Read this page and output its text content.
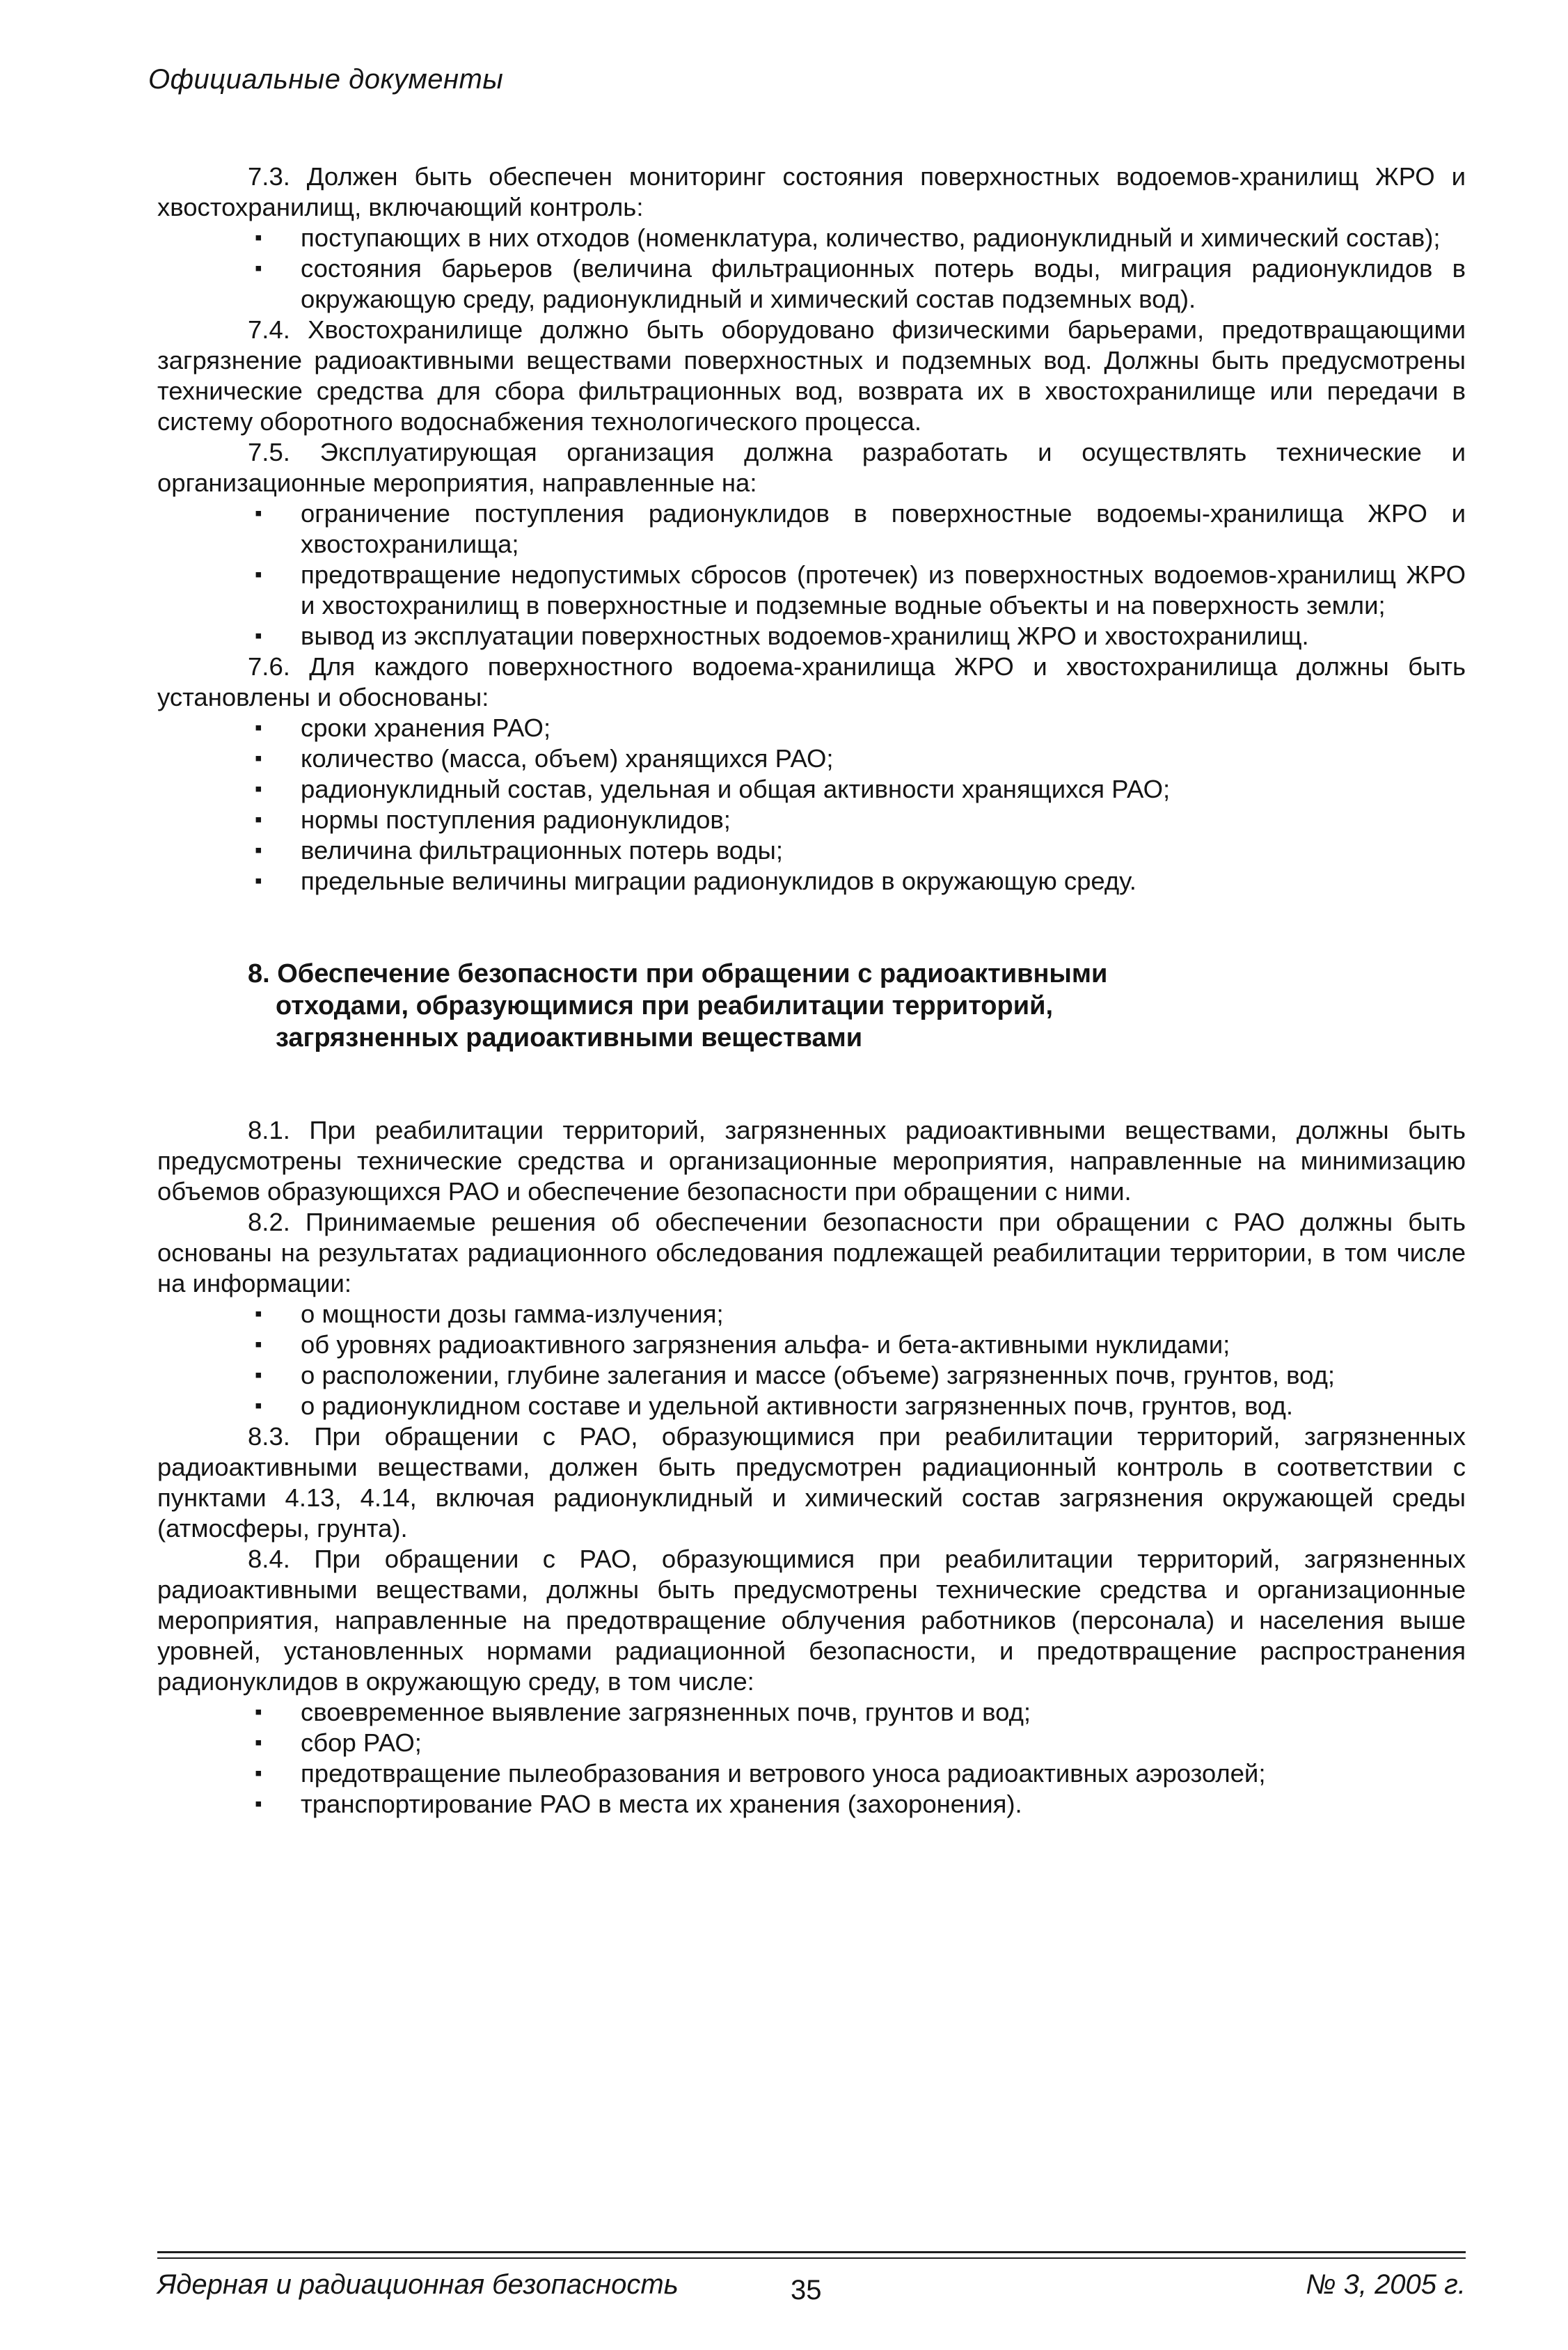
Официальные документы

7.3. Должен быть обеспечен мониторинг состояния поверхностных водоемов-хранилищ ЖРО и хвостохранилищ, включающий контроль:

▪	поступающих в них отходов (номенклатура, количество, радионуклидный и химический состав);
▪	состояния барьеров (величина фильтрационных потерь воды, миграция радионуклидов в окружающую среду, радионуклидный и химический состав подземных вод).

7.4. Хвостохранилище должно быть оборудовано физическими барьерами, предотвращающими загрязнение радиоактивными веществами поверхностных и подземных вод. Должны быть предусмотрены технические средства для сбора фильтрационных вод, возврата их в хвостохранилище или передачи в систему оборотного водоснабжения технологического процесса.

7.5. Эксплуатирующая организация должна разработать и осуществлять технические и организационные мероприятия, направленные на:

▪	ограничение поступления радионуклидов в поверхностные водоемы-хранилища ЖРО и хвостохранилища;
▪	предотвращение недопустимых сбросов (протечек) из поверхностных водоемов-хранилищ ЖРО и хвостохранилищ в поверхностные и подземные водные объекты и на поверхность земли;
▪	вывод из эксплуатации поверхностных водоемов-хранилищ ЖРО и хвостохранилищ.

7.6. Для каждого поверхностного водоема-хранилища ЖРО и хвостохранилища должны быть установлены и обоснованы:

▪	сроки хранения РАО;
▪	количество (масса, объем) хранящихся РАО;
▪	радионуклидный состав, удельная и общая активности хранящихся РАО;
▪	нормы поступления радионуклидов;
▪	величина фильтрационных потерь воды;
▪	предельные величины миграции радионуклидов в окружающую среду.
8. Обеспечение безопасности при обращении с радиоактивными
отходами, образующимися при реабилитации территорий,
загрязненных радиоактивными веществами

8.1. При реабилитации территорий, загрязненных радиоактивными веществами, должны быть предусмотрены технические средства и организационные мероприятия, направленные на минимизацию объемов образующихся РАО и обеспечение безопасности при обращении с ними.

8.2. Принимаемые решения об обеспечении безопасности при обращении с РАО должны быть основаны на результатах радиационного обследования подлежащей реабилитации территории, в том числе на информации:

▪	о мощности дозы гамма-излучения;
▪	об уровнях радиоактивного загрязнения альфа- и бета-активными нуклидами;
▪	о расположении, глубине залегания и массе (объеме) загрязненных почв, грунтов, вод;
▪	о радионуклидном составе и удельной активности загрязненных почв, грунтов, вод.

8.3. При обращении с РАО, образующимися при реабилитации территорий, загрязненных радиоактивными веществами, должен быть предусмотрен радиационный контроль в соответствии с пунктами 4.13, 4.14, включая радионуклидный и химический состав загрязнения окружающей среды (атмосферы, грунта).

8.4. При обращении с РАО, образующимися при реабилитации территорий, загрязненных радиоактивными веществами, должны быть предусмотрены технические средства и организационные мероприятия, направленные на предотвращение облучения работников (персонала) и населения выше уровней, установленных нормами радиационной безопасности, и предотвращение распространения радионуклидов в окружающую среду, в том числе:

▪	своевременное выявление загрязненных почв, грунтов и вод;
▪	сбор РАО;
▪	предотвращение пылеобразования и ветрового уноса радиоактивных аэрозолей;
▪	транспортирование РАО в места их хранения (захоронения).
Ядерная и радиационная безопасность	35	№ 3, 2005 г.
